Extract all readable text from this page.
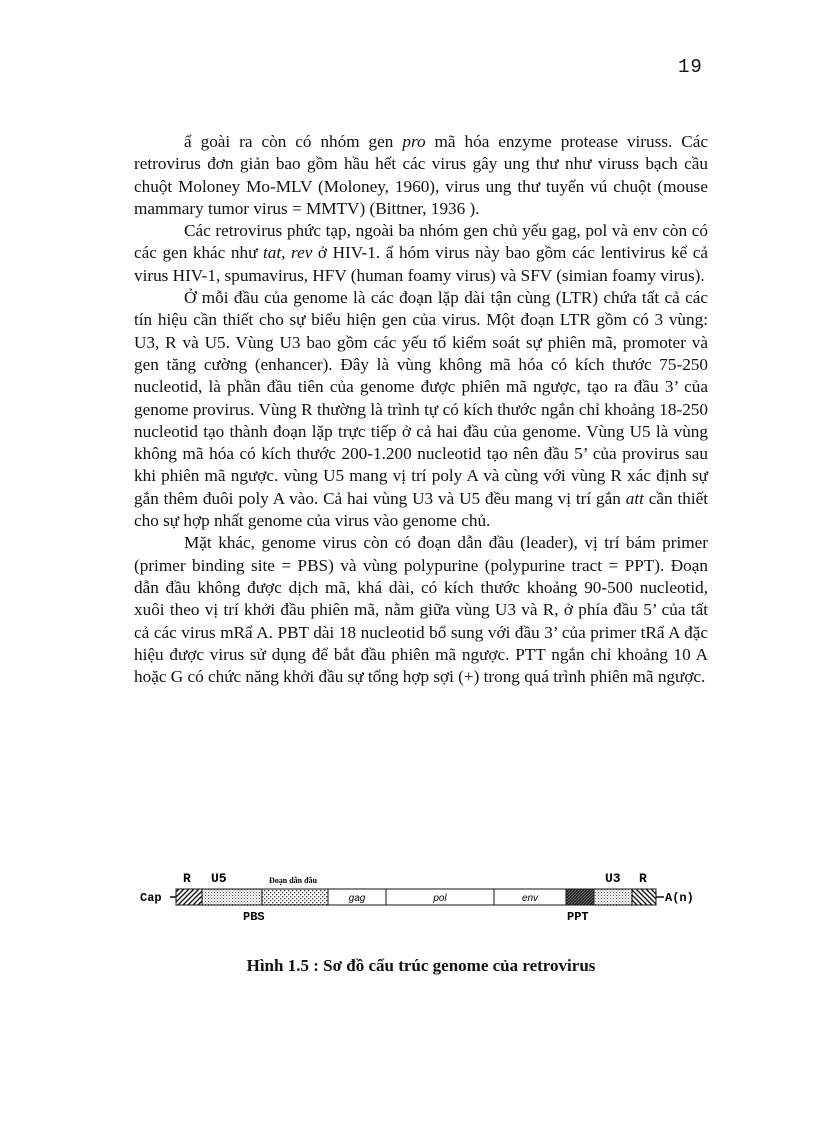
19

ẩ goài ra còn có nhóm gen pro mã hóa enzyme protease viruss. Các retrovirus đơn giản bao gồm hầu hết các virus gây ung thư như viruss bạch cầu chuột Moloney Mo-MLV (Moloney, 1960), virus ung thư tuyến vú chuột (mouse mammary tumor virus = MMTV) (Bittner, 1936 ).

Các retrovirus phức tạp, ngoài ba nhóm gen chủ yếu gag, pol và env còn có các gen khác như tat, rev ở HIV-1. ẩ hóm virus này bao gồm các lentivirus kể cả virus HIV-1, spumavirus, HFV (human foamy virus) và SFV (simian foamy virus).

Ở mỗi đầu của genome là các đoạn lặp dài tận cùng (LTR) chứa tất cả các tín hiệu cần thiết cho sự biểu hiện gen của virus. Một đoạn LTR gồm có 3 vùng: U3, R và U5. Vùng U3 bao gồm các yếu tố kiểm soát sự phiên mã, promoter và gen tăng cường (enhancer). Đây là vùng không mã hóa có kích thước 75-250 nucleotid, là phần đầu tiên của genome được phiên mã ngược, tạo ra đầu 3’ của genome provirus. Vùng R thường là trình tự có kích thước ngắn chỉ khoảng 18-250 nucleotid tạo thành đoạn lặp trực tiếp ở cả hai đầu của genome. Vùng U5 là vùng không mã hóa có kích thước 200-1.200 nucleotid tạo nên đầu 5’ của provirus sau khi phiên mã ngược. vùng U5 mang vị trí poly A và cùng với vùng R xác định sự gắn thêm đuôi poly A vào. Cả hai vùng U3 và U5 đều mang vị trí gắn att cần thiết cho sự hợp nhất genome của virus vào genome chủ.

Mặt khác, genome virus còn có đoạn dẫn đầu (leader), vị trí bám primer (primer binding site = PBS) và vùng polypurine (polypurine tract = PPT). Đoạn dẫn đầu không được dịch mã, khá dài, có kích thước khoảng 90-500 nucleotid, xuôi theo vị trí khởi đầu phiên mã, nằm giữa vùng U3 và R, ở phía đầu 5’ của tất cả các virus mRẩ A. PBT dài 18 nucleotid bổ sung với đầu 3’ của primer tRẩ A đặc hiệu được virus sử dụng để bắt đầu phiên mã ngược. PTT ngắn chỉ khoảng 10 A hoặc G có chức năng khởi đầu sự tổng hợp sợi (+) trong quá trình phiên mã ngược.

R U5	Đoạn dẫn đầu	U3 R
Cap	A(n)
gag	pol	env
PBS	PPT
Hình 1.5 : Sơ đồ cấu trúc genome của retrovirus
